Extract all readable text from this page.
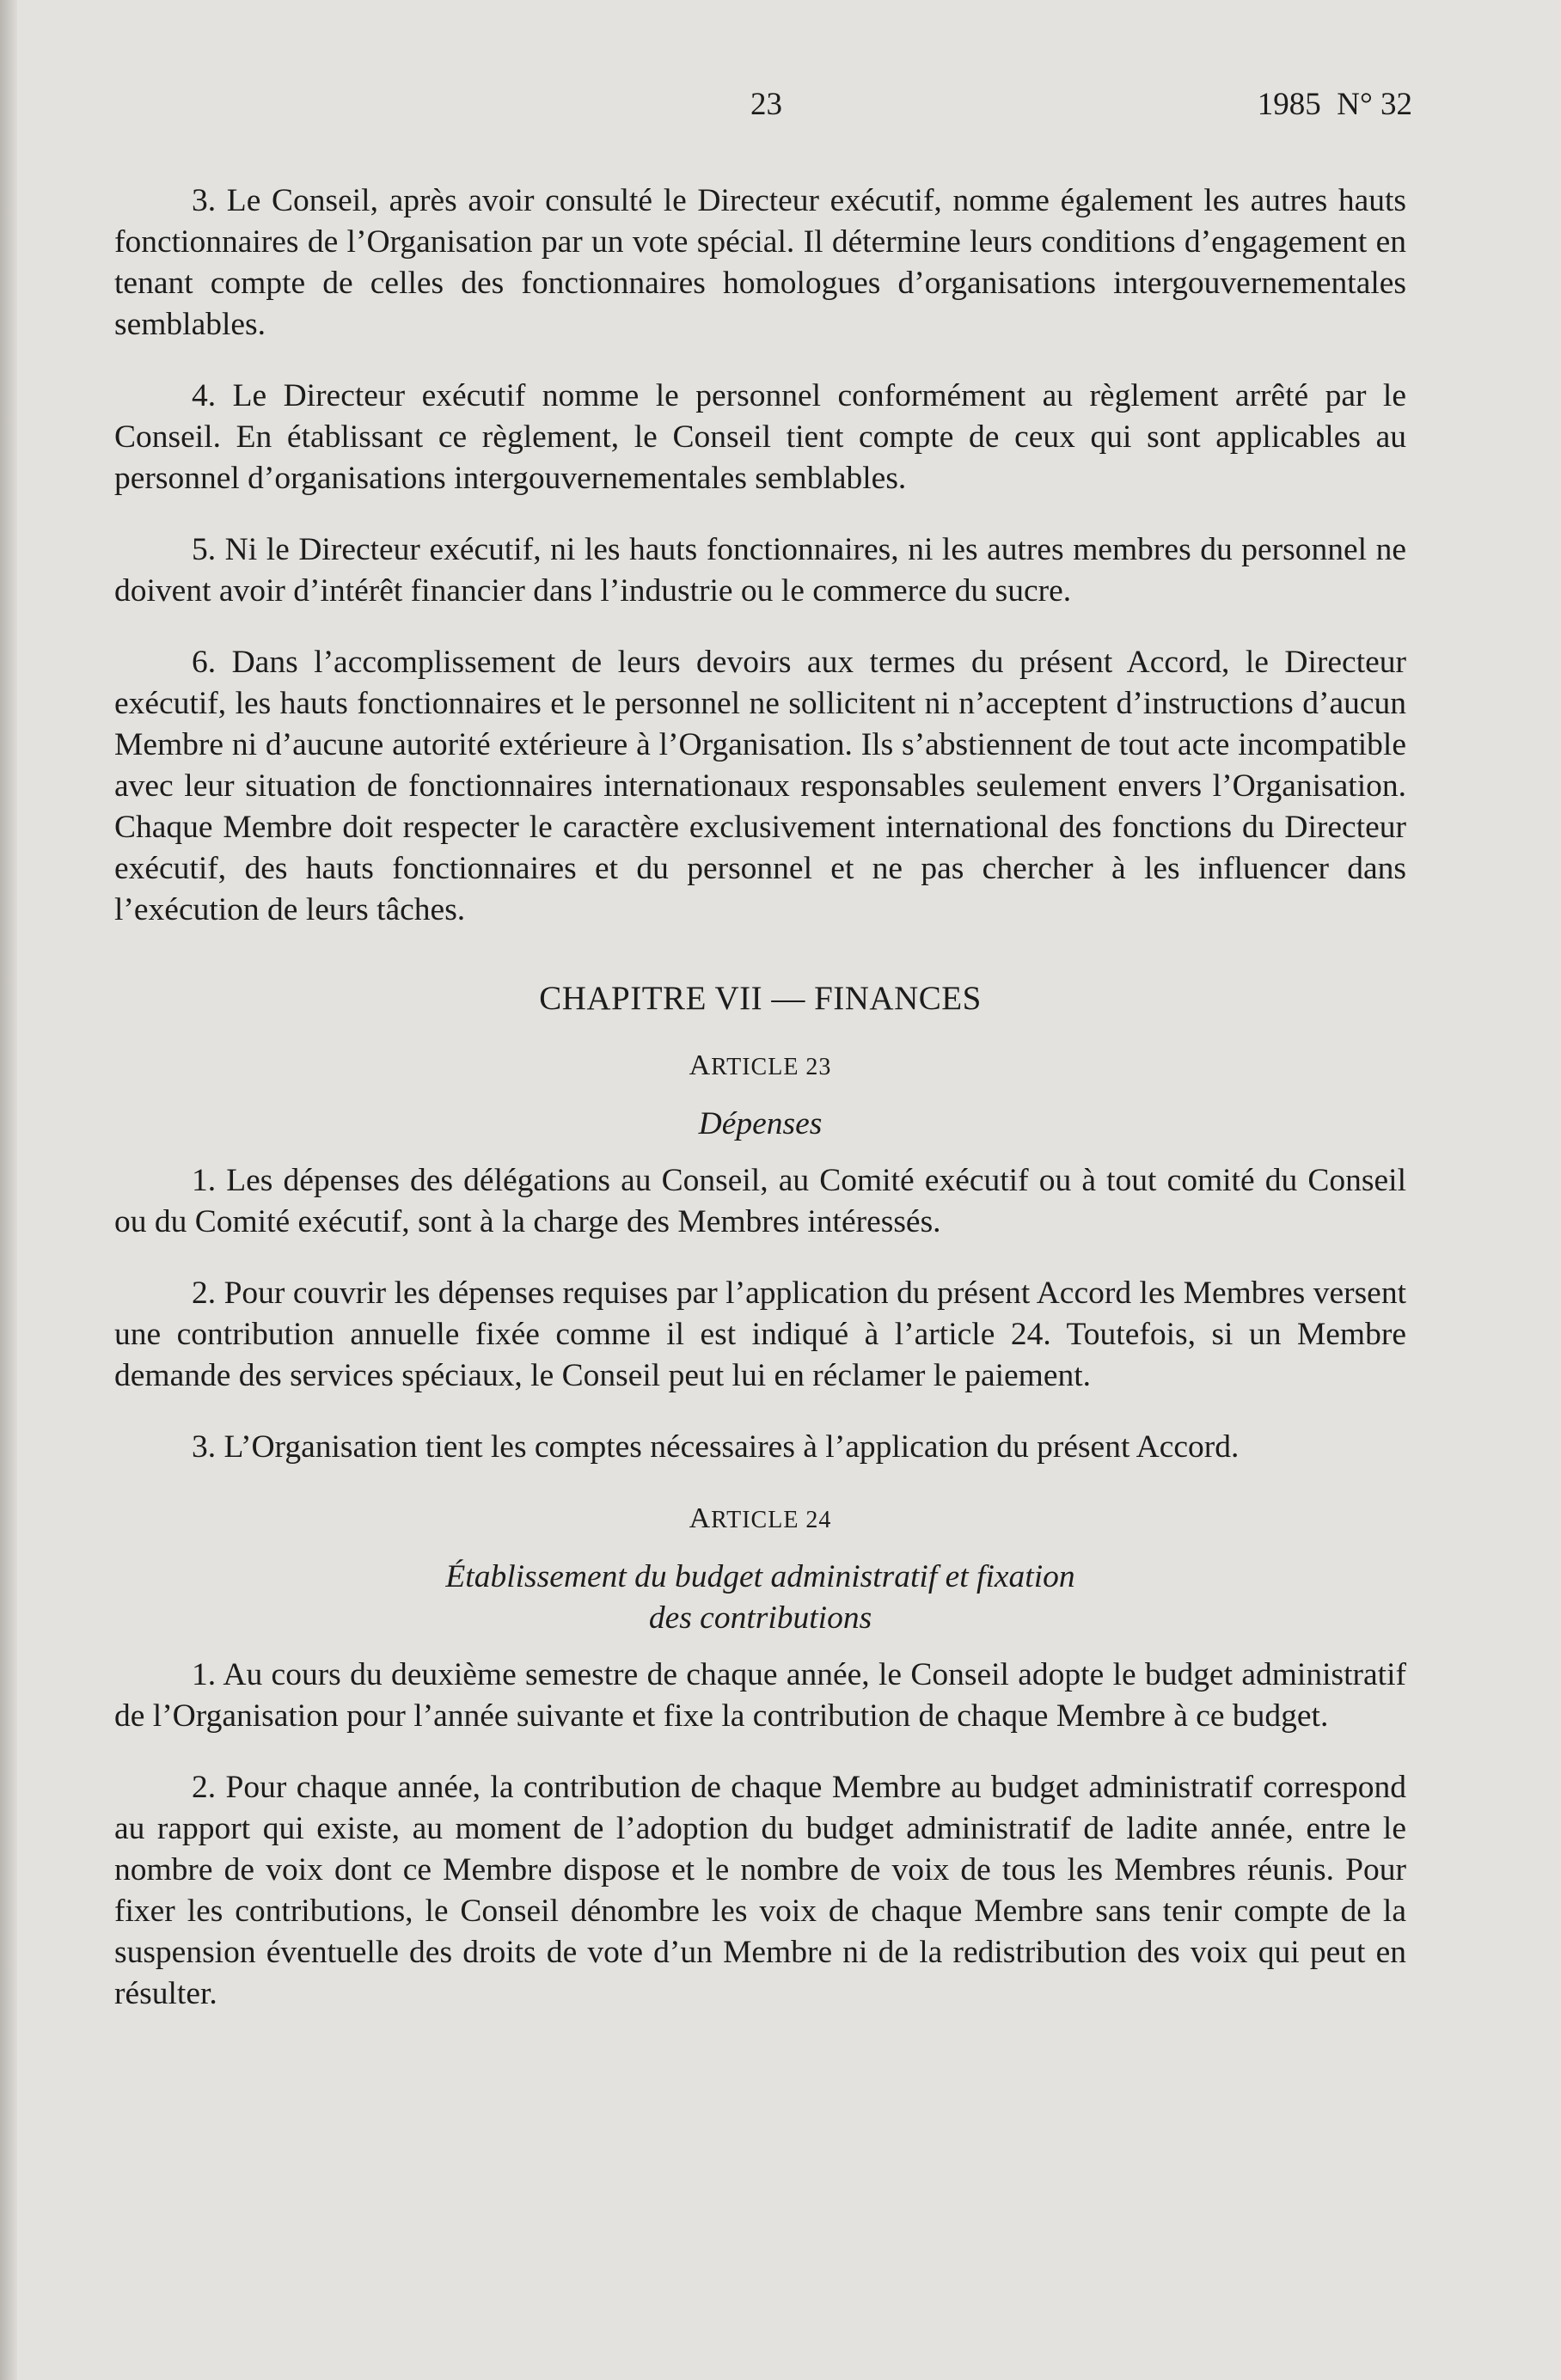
23	1985  N° 32

3. Le Conseil, après avoir consulté le Directeur exécutif, nomme également les autres hauts fonctionnaires de l’Organisation par un vote spécial. Il détermine leurs conditions d’engagement en tenant compte de celles des fonctionnaires homologues d’organisations intergouvernementales semblables.

4. Le Directeur exécutif nomme le personnel conformément au règlement arrêté par le Conseil. En établissant ce règlement, le Conseil tient compte de ceux qui sont applicables au personnel d’organisations intergouvernementales semblables.

5. Ni le Directeur exécutif, ni les hauts fonctionnaires, ni les autres membres du personnel ne doivent avoir d’intérêt financier dans l’industrie ou le commerce du sucre.

6. Dans l’accomplissement de leurs devoirs aux termes du présent Accord, le Directeur exécutif, les hauts fonctionnaires et le personnel ne sollicitent ni n’acceptent d’instructions d’aucun Membre ni d’aucune autorité extérieure à l’Organisation. Ils s’abstiennent de tout acte incompatible avec leur situation de fonctionnaires internationaux responsables seulement envers l’Organisation. Chaque Membre doit respecter le caractère exclusivement international des fonctions du Directeur exécutif, des hauts fonctionnaires et du personnel et ne pas chercher à les influencer dans l’exécution de leurs tâches.

CHAPITRE VII — FINANCES
ARTICLE 23
Dépenses

1. Les dépenses des délégations au Conseil, au Comité exécutif ou à tout comité du Conseil ou du Comité exécutif, sont à la charge des Membres intéressés.

2. Pour couvrir les dépenses requises par l’application du présent Accord les Membres versent une contribution annuelle fixée comme il est indiqué à l’article 24. Toutefois, si un Membre demande des services spéciaux, le Conseil peut lui en réclamer le paiement.

3. L’Organisation tient les comptes nécessaires à l’application du présent Accord.

ARTICLE 24
Établissement du budget administratif et fixation
des contributions

1. Au cours du deuxième semestre de chaque année, le Conseil adopte le budget administratif de l’Organisation pour l’année suivante et fixe la contribution de chaque Membre à ce budget.

2. Pour chaque année, la contribution de chaque Membre au budget administratif correspond au rapport qui existe, au moment de l’adoption du budget administratif de ladite année, entre le nombre de voix dont ce Membre dispose et le nombre de voix de tous les Membres réunis. Pour fixer les contributions, le Conseil dénombre les voix de chaque Membre sans tenir compte de la suspension éventuelle des droits de vote d’un Membre ni de la redistribution des voix qui peut en résulter.
